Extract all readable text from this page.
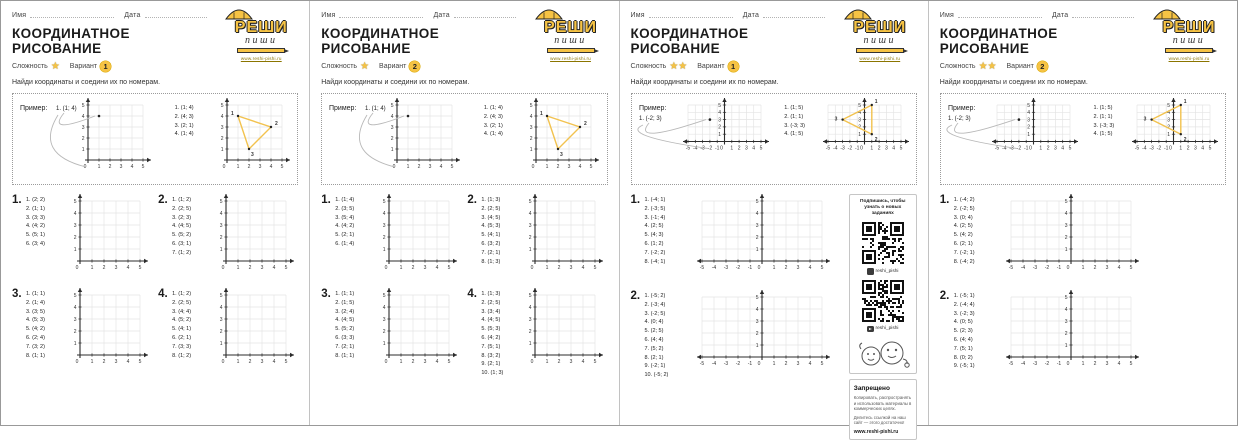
Имя	Дата
КООРДИНАТНОЕ РИСОВАНИЕ
Сложность ★ Вариант 1
Найди координаты и соедини их по номерам.
РЕШИ
пиши
www.reshi-pishi.ru
0 1 2 3 4 5
1
2
3
4
5
Пример: 1. (1; 4)	1. (1; 4)
2. (4; 3)
3. (2; 1)
4. (1; 4)
0 1 2 3 4 5
1
2
3
4
5
1
2
3
1. 1. (2; 2)
2. (1; 1)
3. (3; 3)
4. (4; 2)
5. (5; 1)
6. (3; 4)
0 1 2 3 4 5
1
2
3
4
5	2. 1. (1; 2)
2. (2; 5)
3. (2; 3)
4. (4; 5)
5. (5; 2)
6. (3; 1)
7. (1; 2)
0 1 2 3 4 5
1
2
3
4
5
3. 1. (1; 1)
2. (1; 4)
3. (3; 5)
4. (5; 3)
5. (4; 2)
6. (2; 4)
7. (3; 2)
8. (1; 1)
0 1 2 3 4 5
1
2
3
4
5	4. 1. (1; 2)
2. (2; 5)
3. (4; 4)
4. (5; 2)
5. (4; 1)
6. (2; 1)
7. (3; 3)
8. (1; 2)
0 1 2 3 4 5
1
2
3
4
5
Имя	Дата
КООРДИНАТНОЕ РИСОВАНИЕ
Сложность ★ Вариант 2
Найди координаты и соедини их по номерам.
РЕШИ
пиши
www.reshi-pishi.ru
0 1 2 3 4 5
1
2
3
4
5
Пример: 1. (1; 4)	1. (1; 4)
2. (4; 3)
3. (2; 1)
4. (1; 4)
0 1 2 3 4 5
1
2
3
4
5
1
2
3
1. 1. (1; 4)
2. (3; 5)
3. (5; 4)
4. (4; 2)
5. (2; 1)
6. (1; 4)
0 1 2 3 4 5
1
2
3
4
5	2. 1. (1; 3)
2. (2; 5)
3. (4; 5)
4. (5; 3)
5. (4; 1)
6. (3; 2)
7. (2; 1)
8. (1; 3)
0 1 2 3 4 5
1
2
3
4
5
3. 1. (1; 1)
2. (1; 5)
3. (2; 4)
4. (4; 5)
5. (5; 2)
6. (3; 3)
7. (2; 1)
8. (1; 1)
0 1 2 3 4 5
1
2
3
4
5	4. 1. (1; 3)
2. (2; 5)
3. (3; 4)
4. (4; 5)
5. (5; 3)
6. (4; 2)
7. (5; 1)
8. (3; 2)
9. (2; 1)
10. (1; 3)
0 1 2 3 4 5
1
2
3
4
5
Имя	Дата
КООРДИНАТНОЕ РИСОВАНИЕ
Сложность ★★ Вариант 1
Найди координаты и соедини их по номерам.
РЕШИ
пиши
www.reshi-pishi.ru
-5 -4 -3 -2 -1 0 1 2 3 4 5
1
2
3
4
5
Пример:
1. (-2; 3)
1. (1; 5)
2. (1; 1)
3. (-3; 3)
4. (1; 5)
-5 -4 -3 -2 -1 0 1 2 3 4 5
1
2
3
4
5
1
2
3
1. 1. (-4; 1)
2. (-3; 5)
3. (-1; 4)
4. (2; 5)
5. (4; 3)
6. (1; 2)
7. (-2; 2)
8. (-4; 1)
-5 -4 -3 -2 -1 0 1 2 3 4 5
1
2
3
4
5
2. 1. (-5; 2)
2. (-3; 4)
3. (-2; 5)
4. (0; 4)
5. (2; 5)
6. (4; 4)
7. (5; 2)
8. (2; 1)
9. (-2; 1)
10. (-5; 2)
-5 -4 -3 -2 -1 0 1 2 3 4 5
1
2
3
4
5
Подпишись, чтобы узнать о новых заданиях
reshi_pishi
reshi_pishi
Запрещено
Копировать, распространять и использовать материалы в коммерческих целях.
Делитесь ссылкой на наш сайт — этого достаточно!
www.reshi-pishi.ru
Имя	Дата
КООРДИНАТНОЕ РИСОВАНИЕ
Сложность ★★ Вариант 2
Найди координаты и соедини их по номерам.
РЕШИ
пиши
www.reshi-pishi.ru
-5 -4 -3 -2 -1 0 1 2 3 4 5
1
2
3
4
5
Пример:
1. (-2; 3)
1. (1; 5)
2. (1; 1)
3. (-3; 3)
4. (1; 5)
-5 -4 -3 -2 -1 0 1 2 3 4 5
1
2
3
4
5
1
2
3
1. 1. (-4; 2)
2. (-2; 5)
3. (0; 4)
4. (2; 5)
5. (4; 2)
6. (2; 1)
7. (-2; 1)
8. (-4; 2)
-5 -4 -3 -2 -1 0 1 2 3 4 5
1
2
3
4
5
2. 1. (-5; 1)
2. (-4; 4)
3. (-2; 3)
4. (0; 5)
5. (2; 3)
6. (4; 4)
7. (5; 1)
8. (0; 2)
9. (-5; 1)	-5 -4 -3 -2 -1 0 1 2 3 4 5
1
2
3
4
5
